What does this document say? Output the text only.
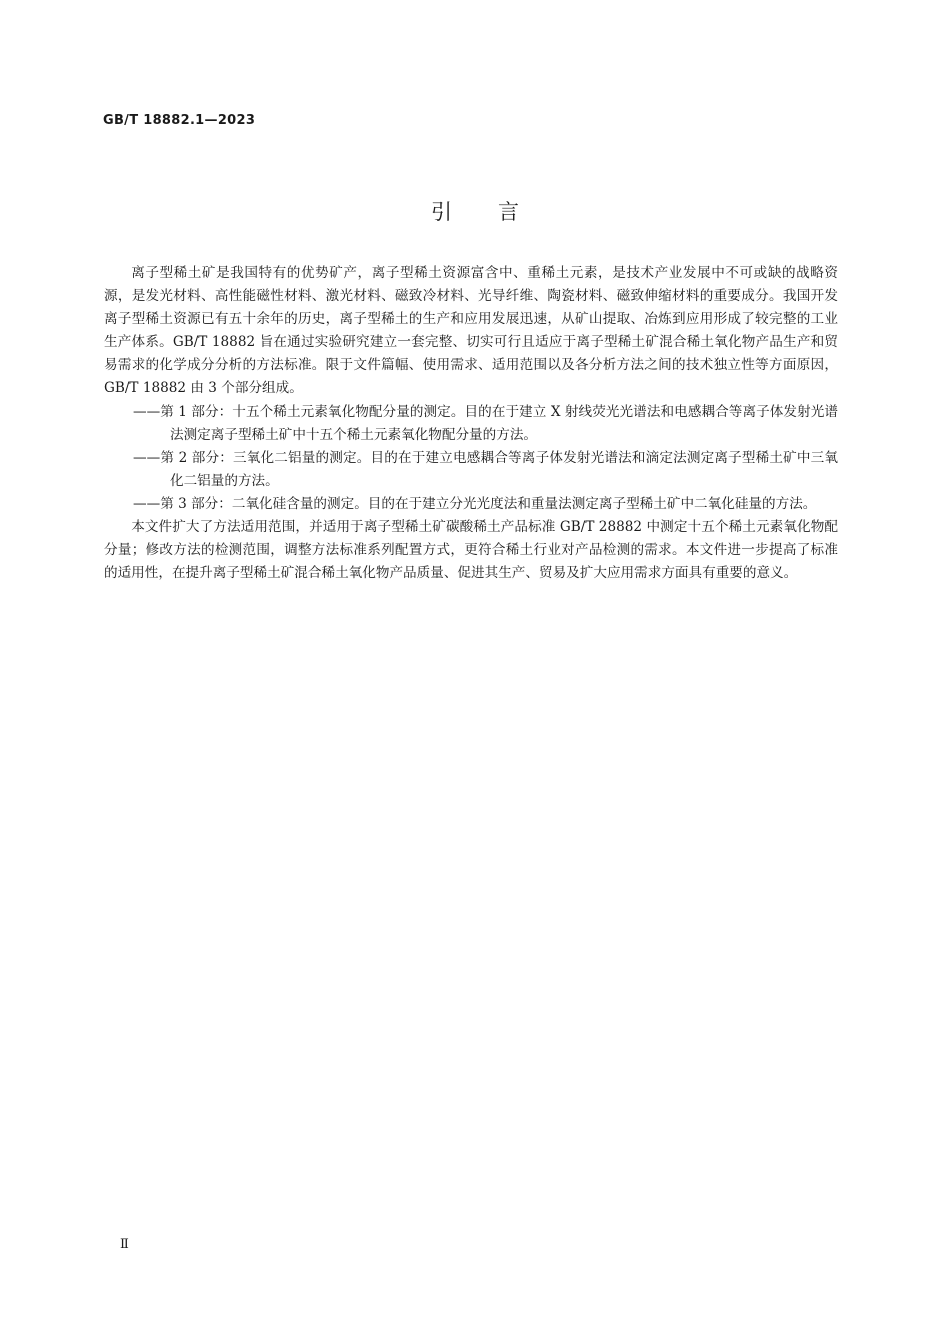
GB/T 18882.1—2023
引言

离子型稀土矿是我国特有的优势矿产，离子型稀土资源富含中、重稀土元素，是技术产业发展中不可或缺的战略资源，是发光材料、高性能磁性材料、激光材料、磁致冷材料、光导纤维、陶瓷材料、磁致伸缩材料的重要成分。我国开发离子型稀土资源已有五十余年的历史，离子型稀土的生产和应用发展迅速，从矿山提取、冶炼到应用形成了较完整的工业生产体系。GB/T 18882 旨在通过实验研究建立一套完整、切实可行且适应于离子型稀土矿混合稀土氧化物产品生产和贸易需求的化学成分分析的方法标准。限于文件篇幅、使用需求、适用范围以及各分析方法之间的技术独立性等方面原因，GB/T 18882 由 3 个部分组成。

——第 1 部分：十五个稀土元素氧化物配分量的测定。目的在于建立 X 射线荧光光谱法和电感耦合等离子体发射光谱法测定离子型稀土矿中十五个稀土元素氧化物配分量的方法。

——第 2 部分：三氧化二铝量的测定。目的在于建立电感耦合等离子体发射光谱法和滴定法测定离子型稀土矿中三氧化二铝量的方法。

——第 3 部分：二氧化硅含量的测定。目的在于建立分光光度法和重量法测定离子型稀土矿中二氧化硅量的方法。

本文件扩大了方法适用范围，并适用于离子型稀土矿碳酸稀土产品标准 GB/T 28882 中测定十五个稀土元素氧化物配分量；修改方法的检测范围，调整方法标准系列配置方式，更符合稀土行业对产品检测的需求。本文件进一步提高了标准的适用性，在提升离子型稀土矿混合稀土氧化物产品质量、促进其生产、贸易及扩大应用需求方面具有重要的意义。

Ⅱ
